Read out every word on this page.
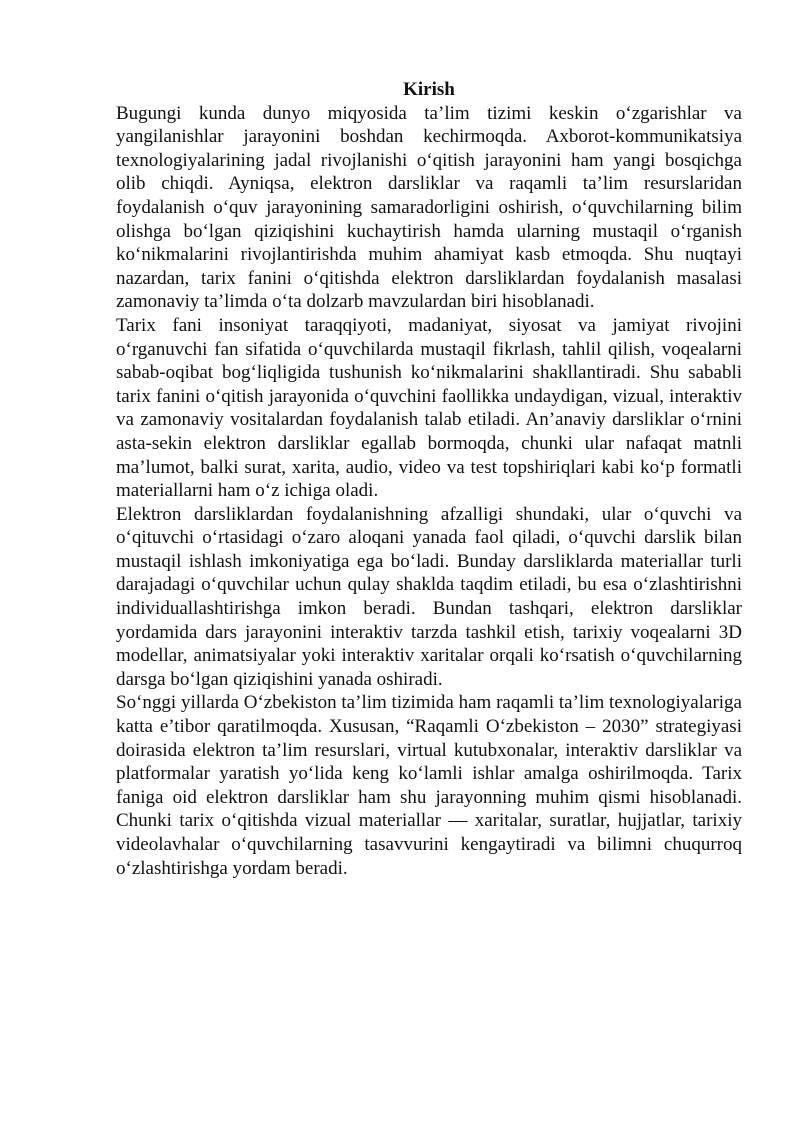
Kirish

Bugungi kunda dunyo miqyosida ta’lim tizimi keskin o‘zgarishlar va yangilanishlar jarayonini boshdan kechirmoqda. Axborot-kommunikatsiya texnologiyalarining jadal rivojlanishi o‘qitish jarayonini ham yangi bosqichga olib chiqdi. Ayniqsa, elektron darsliklar va raqamli ta’lim resurslaridan foydalanish o‘quv jarayonining samaradorligini oshirish, o‘quvchilarning bilim olishga bo‘lgan qiziqishini kuchaytirish hamda ularning mustaqil o‘rganish ko‘nikmalarini rivojlantirishda muhim ahamiyat kasb etmoqda. Shu nuqtayi nazardan, tarix fanini o‘qitishda elektron darsliklardan foydalanish masalasi zamonaviy ta’limda o‘ta dolzarb mavzulardan biri hisoblanadi.

Tarix fani insoniyat taraqqiyoti, madaniyat, siyosat va jamiyat rivojini o‘rganuvchi fan sifatida o‘quvchilarda mustaqil fikrlash, tahlil qilish, voqealarni sabab-oqibat bog‘liqligida tushunish ko‘nikmalarini shakllantiradi. Shu sababli tarix fanini o‘qitish jarayonida o‘quvchini faollikka undaydigan, vizual, interaktiv va zamonaviy vositalardan foydalanish talab etiladi. An’anaviy darsliklar o‘rnini asta-sekin elektron darsliklar egallab bormoqda, chunki ular nafaqat matnli ma’lumot, balki surat, xarita, audio, video va test topshiriqlari kabi ko‘p formatli materiallarni ham o‘z ichiga oladi.

Elektron darsliklardan foydalanishning afzalligi shundaki, ular o‘quvchi va o‘qituvchi o‘rtasidagi o‘zaro aloqani yanada faol qiladi, o‘quvchi darslik bilan mustaqil ishlash imkoniyatiga ega bo‘ladi. Bunday darsliklarda materiallar turli darajadagi o‘quvchilar uchun qulay shaklda taqdim etiladi, bu esa o‘zlashtirishni individuallashtirishga imkon beradi. Bundan tashqari, elektron darsliklar yordamida dars jarayonini interaktiv tarzda tashkil etish, tarixiy voqealarni 3D modellar, animatsiyalar yoki interaktiv xaritalar orqali ko‘rsatish o‘quvchilarning darsga bo‘lgan qiziqishini yanada oshiradi.

So‘nggi yillarda O‘zbekiston ta’lim tizimida ham raqamli ta’lim texnologiyalariga katta e’tibor qaratilmoqda. Xususan, “Raqamli O‘zbekiston – 2030” strategiyasi doirasida elektron ta’lim resurslari, virtual kutubxonalar, interaktiv darsliklar va platformalar yaratish yo‘lida keng ko‘lamli ishlar amalga oshirilmoqda. Tarix faniga oid elektron darsliklar ham shu jarayonning muhim qismi hisoblanadi. Chunki tarix o‘qitishda vizual materiallar — xaritalar, suratlar, hujjatlar, tarixiy videolavhalar o‘quvchilarning tasavvurini kengaytiradi va bilimni chuqurroq o‘zlashtirishga yordam beradi.
